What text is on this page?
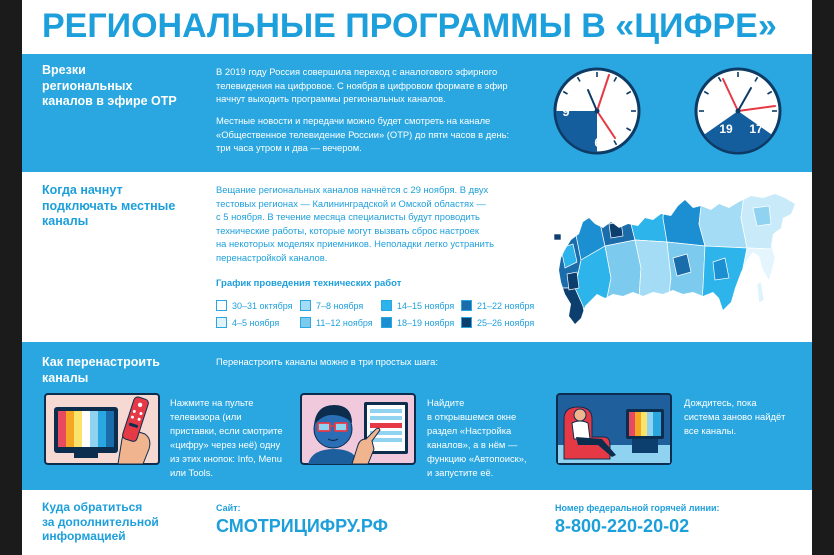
РЕГИОНАЛЬНЫЕ ПРОГРАММЫ В «ЦИФРЕ»
Врезки
региональных
каналов в эфире ОТР
В 2019 году Россия совершила переход с аналогового эфирного
телевидения на цифровое. С ноября в цифровом формате в эфир
начнут выходить программы региональных каналов.
Местные новости и передачи можно будет смотреть на канале
«Общественное телевидение России» (ОТР) до пяти часов в день:
три часа утром и два — вечером.
9
6
19 17
Когда начнут
подключать местные
каналы
Вещание региональных каналов начнётся с 29 ноября. В двух
тестовых регионах — Калининградской и Омской областях —
с 5 ноября. В течение месяца специалисты будут проводить
технические работы, которые могут вызвать сброс настроек
на некоторых моделях приемников. Неполадки легко устранить
перенастройкой каналов.
График проведения технических работ
30–31 октября
4–5 ноября
7–8 ноября
11–12 ноября
14–15 ноября
18–19 ноября
21–22 ноября
25–26 ноября
Как перенастроить
каналы
Перенастроить каналы можно в три простых шага:
Нажмите на пульте
телевизора (или
приставки, если смотрите
«цифру» через неё) одну
из этих кнопок: Info, Menu
или Tools.
Найдите
в открывшемся окне
раздел «Настройка
каналов», а в нём —
функцию «Автопоиск»,
и запустите её.
Дождитесь, пока
система заново найдёт
все каналы.
Куда обратиться
за дополнительной
информацией
Сайт:
СМОТРИЦИФРУ.РФ
Номер федеральной горячей линии:
8-800-220-20-02
